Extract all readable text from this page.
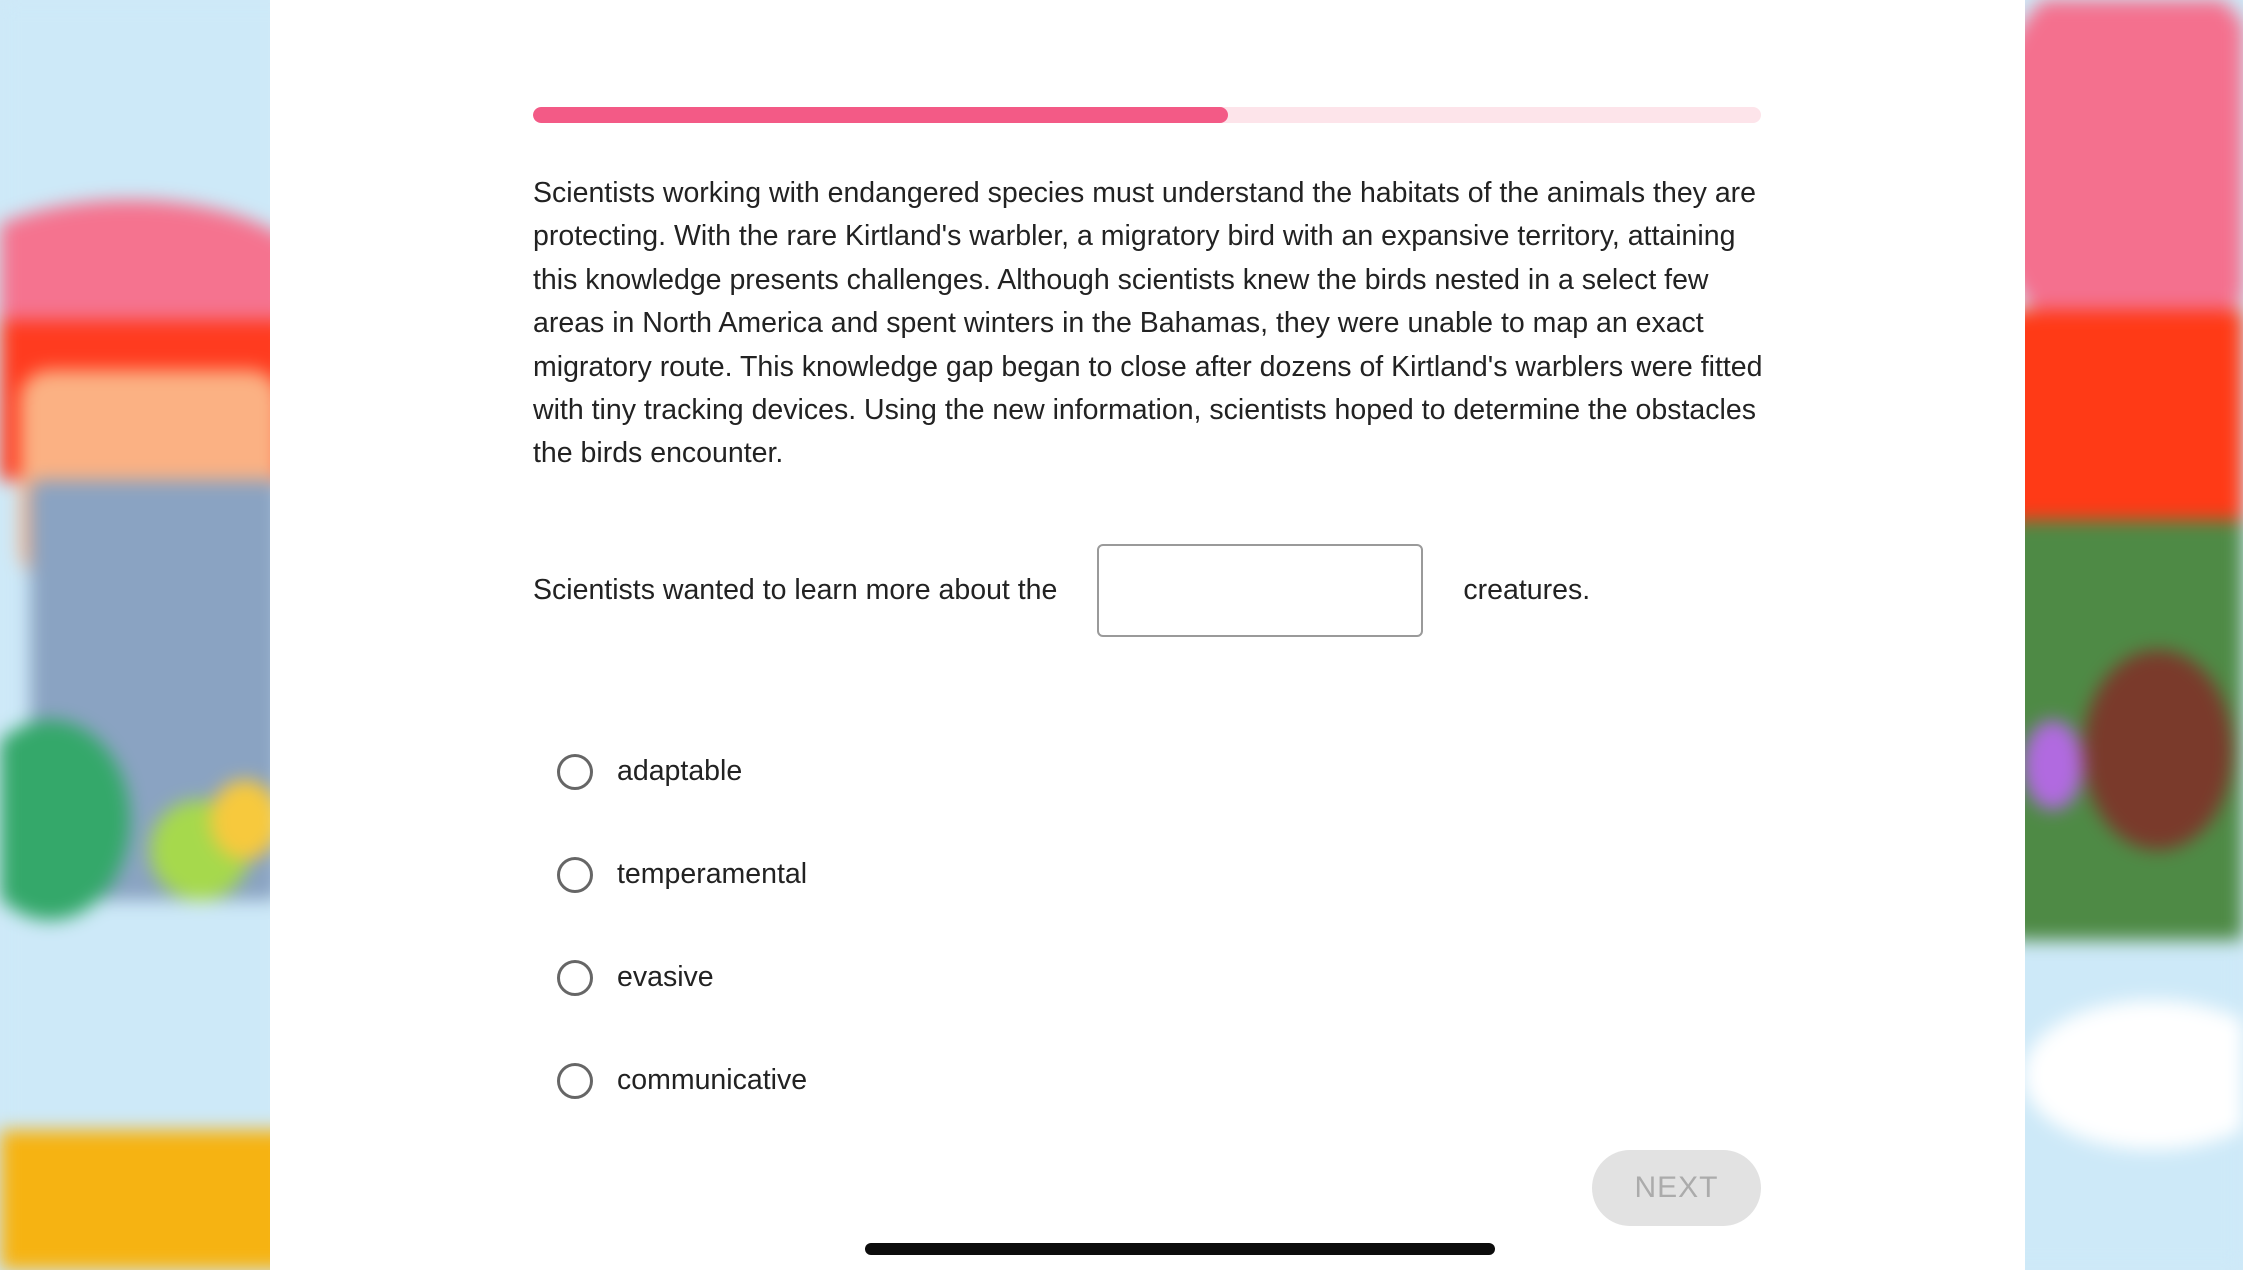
Scientists working with endangered species must understand the habitats of the animals they are protecting. With the rare Kirtland's warbler, a migratory bird with an expansive territory, attaining this knowledge presents challenges. Although scientists knew the birds nested in a select few areas in North America and spent winters in the Bahamas, they were unable to map an exact migratory route. This knowledge gap began to close after dozens of Kirtland's warblers were fitted with tiny tracking devices. Using the new information, scientists hoped to determine the obstacles the birds encounter.

Scientists wanted to learn more about the	creatures.
adaptable
temperamental
evasive
communicative
NEXT
